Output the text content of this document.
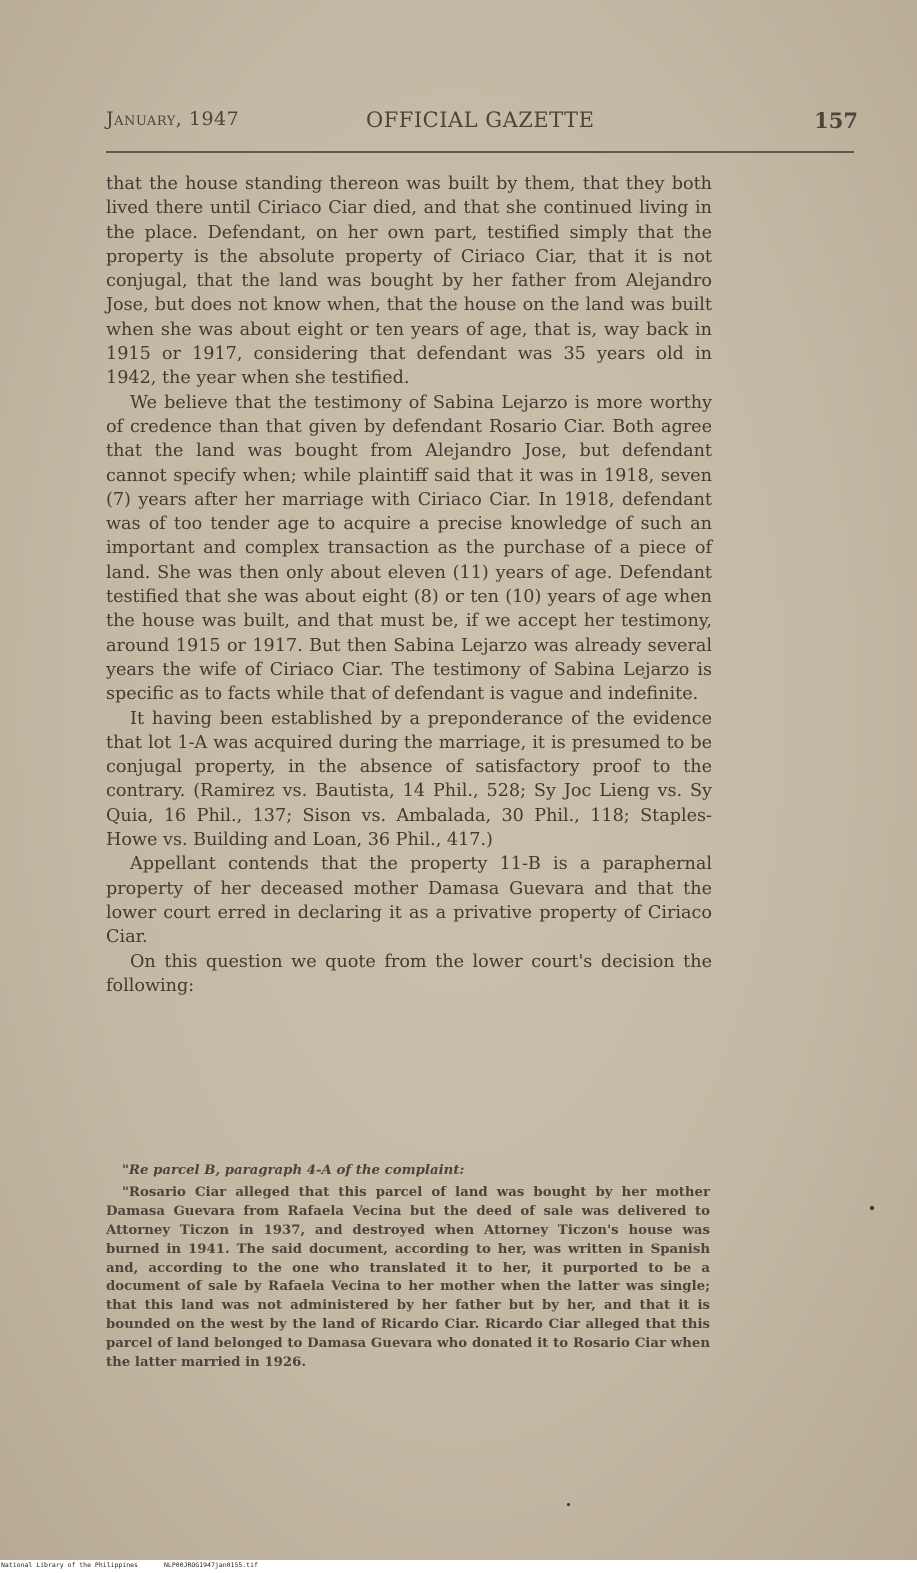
January, 1947	OFFICIAL GAZETTE	157

that the house standing thereon was built by them, that they both lived there until Ciriaco Ciar died, and that she continued living in the place. Defendant, on her own part, testified simply that the property is the absolute property of Ciriaco Ciar, that it is not conjugal, that the land was bought by her father from Alejandro Jose, but does not know when, that the house on the land was built when she was about eight or ten years of age, that is, way back in 1915 or 1917, considering that defendant was 35 years old in 1942, the year when she testified.

We believe that the testimony of Sabina Lejarzo is more worthy of credence than that given by defendant Rosario Ciar. Both agree that the land was bought from Alejandro Jose, but defendant cannot specify when; while plaintiff said that it was in 1918, seven (7) years after her marriage with Ciriaco Ciar. In 1918, defendant was of too tender age to acquire a precise knowledge of such an important and complex transaction as the purchase of a piece of land. She was then only about eleven (11) years of age. Defendant testified that she was about eight (8) or ten (10) years of age when the house was built, and that must be, if we accept her testimony, around 1915 or 1917. But then Sabina Lejarzo was already several years the wife of Ciriaco Ciar. The testimony of Sabina Lejarzo is specific as to facts while that of defendant is vague and indefinite.

It having been established by a preponderance of the evidence that lot 1-A was acquired during the marriage, it is presumed to be conjugal property, in the absence of satisfactory proof to the contrary. (Ramirez vs. Bautista, 14 Phil., 528; Sy Joc Lieng vs. Sy Quia, 16 Phil., 137; Sison vs. Ambalada, 30 Phil., 118; Staples-Howe vs. Building and Loan, 36 Phil., 417.)

Appellant contends that the property 11-B is a paraphernal property of her deceased mother Damasa Guevara and that the lower court erred in declaring it as a privative property of Ciriaco Ciar.

On this question we quote from the lower court's decision the following:

"Re parcel B, paragraph 4-A of the complaint:

"Rosario Ciar alleged that this parcel of land was bought by her mother Damasa Guevara from Rafaela Vecina but the deed of sale was delivered to Attorney Ticzon in 1937, and destroyed when Attorney Ticzon's house was burned in 1941. The said document, according to her, was written in Spanish and, according to the one who translated it to her, it purported to be a document of sale by Rafaela Vecina to her mother when the latter was single; that this land was not administered by her father but by her, and that it is bounded on the west by the land of Ricardo Ciar. Ricardo Ciar alleged that this parcel of land belonged to Damasa Guevara who donated it to Rosario Ciar when the latter married in 1926.

National Library of the Philippines	NLP00JROG1947jan0155.tif
